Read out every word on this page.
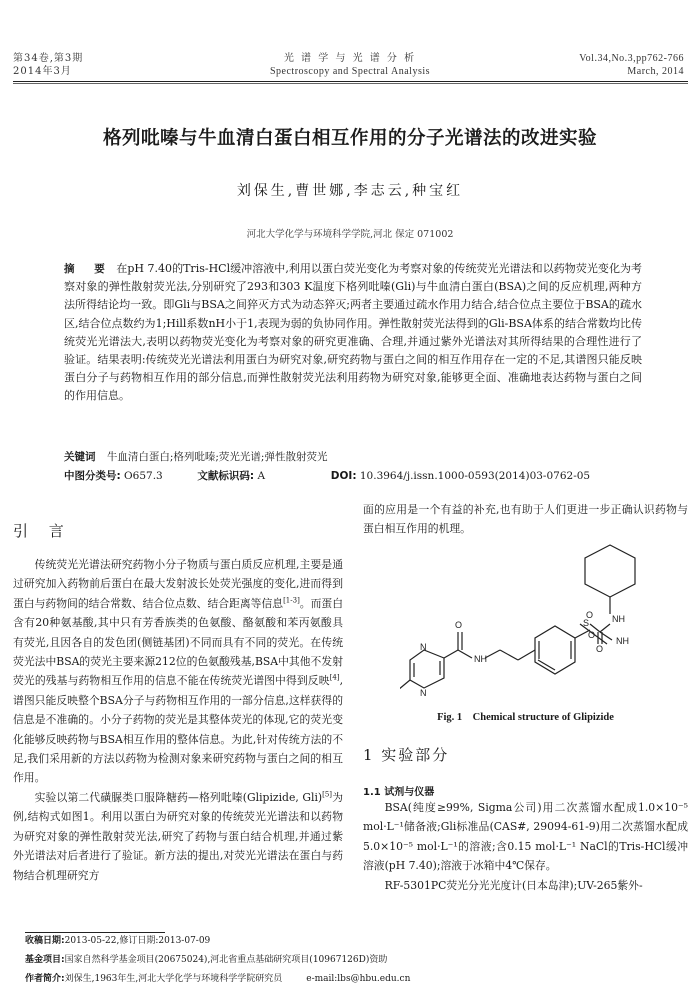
第34卷,第3期
2014年3月
光 谱 学 与 光 谱 分 析
Spectroscopy and Spectral Analysis
Vol.34,No.3,pp762-766
March, 2014
格列吡嗪与牛血清白蛋白相互作用的分子光谱法的改进实验
刘保生,曹世娜,李志云,种宝红
河北大学化学与环境科学学院,河北 保定 071002
摘 要 在pH 7.40的Tris-HCl缓冲溶液中,利用以蛋白荧光变化为考察对象的传统荧光光谱法和以药物荧光变化为考察对象的弹性散射荧光法,分别研究了293和303 K温度下格列吡嗪(Gli)与牛血清白蛋白(BSA)之间的反应机理,两种方法所得结论均一致。即Gli与BSA之间猝灭方式为动态猝灭;两者主要通过疏水作用力结合,结合位点主要位于BSA的疏水区,结合位点数约为1;Hill系数nH小于1,表现为弱的负协同作用。弹性散射荧光法得到的Gli-BSA体系的结合常数均比传统荧光光谱法大,表明以药物荧光变化为考察对象的研究更准确、合理,并通过紫外光谱法对其所得结果的合理性进行了验证。结果表明:传统荧光光谱法利用蛋白为研究对象,研究药物与蛋白之间的相互作用存在一定的不足,其谱图只能反映蛋白分子与药物相互作用的部分信息,而弹性散射荧光法利用药物为研究对象,能够更全面、准确地表达药物与蛋白之间的作用信息。
关键词 牛血清白蛋白;格列吡嗪;荧光光谱;弹性散射荧光
中图分类号: O657.3	文献标识码: A	DOI: 10.3964/j.issn.1000-0593(2014)03-0762-05
引 言

传统荧光光谱法研究药物小分子物质与蛋白质反应机理,主要是通过研究加入药物前后蛋白在最大发射波长处荧光强度的变化,进而得到蛋白与药物间的结合常数、结合位点数、结合距离等信息[1-3]。而蛋白含有20种氨基酸,其中只有芳香族类的色氨酸、酪氨酸和苯丙氨酸具有荧光,且因各自的发色团(侧链基团)不同而具有不同的荧光。在传统荧光法中BSA的荧光主要来源212位的色氨酸残基,BSA中其他不发射荧光的残基与药物相互作用的信息不能在传统荧光谱图中得到反映[4],谱图只能反映整个BSA分子与药物相互作用的一部分信息,这样获得的信息是不准确的。小分子药物的荧光是其整体荧光的体现,它的荧光变化能够反映药物与BSA相互作用的整体信息。为此,针对传统方法的不足,我们采用新的方法以药物为检测对象来研究药物与蛋白之间的相互作用。

实验以第二代磺脲类口服降糖药—格列吡嗪(Glipizide, Gli)[5]为例,结构式如图1。利用以蛋白为研究对象的传统荧光光谱法和以药物为研究对象的弹性散射荧光法,研究了药物与蛋白结合机理,并通过紫外光谱法对后者进行了验证。新方法的提出,对荧光光谱法在蛋白与药物结合机理研究方

面的应用是一个有益的补充,也有助于人们更进一步正确认识药物与蛋白相互作用的机理。
NH
NH
O
S
O
O
NH
O
N
N
Fig. 1    Chemical structure of Glipizide
1 实验部分
1.1 试剂与仪器

BSA(纯度≥99%, Sigma公司)用二次蒸馏水配成1.0×10⁻⁵ mol·L⁻¹储备液;Gli标准品(CAS#, 29094-61-9)用二次蒸馏水配成5.0×10⁻⁵ mol·L⁻¹的溶液;含0.15 mol·L⁻¹ NaCl的Tris-HCl缓冲溶液(pH 7.40);溶液于冰箱中4℃保存。

RF-5301PC荧光分光光度计(日本岛津);UV-265紫外-

收稿日期:2013-05-22,修订日期:2013-07-09
基金项目:国家自然科学基金项目(20675024),河北省重点基础研究项目(10967126D)资助
作者简介:刘保生,1963年生,河北大学化学与环境科学学院研究员	e-mail:lbs@hbu.edu.cn
